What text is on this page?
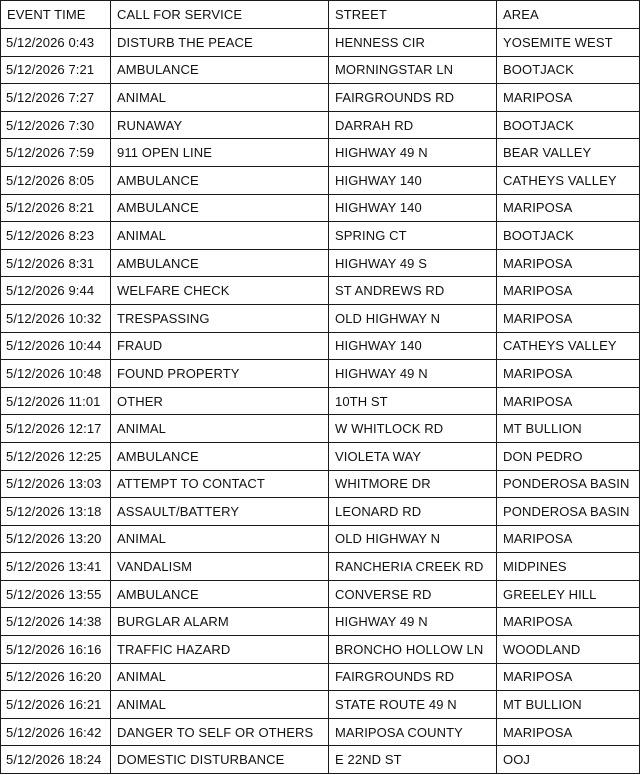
EVENT TIME	CALL FOR SERVICE	STREET	AREA
5/12/2026 0:43	DISTURB THE PEACE	HENNESS CIR	YOSEMITE WEST
5/12/2026 7:21	AMBULANCE	MORNINGSTAR LN	BOOTJACK
5/12/2026 7:27	ANIMAL	FAIRGROUNDS RD	MARIPOSA
5/12/2026 7:30	RUNAWAY	DARRAH RD	BOOTJACK
5/12/2026 7:59	911 OPEN LINE	HIGHWAY 49 N	BEAR VALLEY
5/12/2026 8:05	AMBULANCE	HIGHWAY 140	CATHEYS VALLEY
5/12/2026 8:21	AMBULANCE	HIGHWAY 140	MARIPOSA
5/12/2026 8:23	ANIMAL	SPRING CT	BOOTJACK
5/12/2026 8:31	AMBULANCE	HIGHWAY 49 S	MARIPOSA
5/12/2026 9:44	WELFARE CHECK	ST ANDREWS RD	MARIPOSA
5/12/2026 10:32	TRESPASSING	OLD HIGHWAY N	MARIPOSA
5/12/2026 10:44	FRAUD	HIGHWAY 140	CATHEYS VALLEY
5/12/2026 10:48	FOUND PROPERTY	HIGHWAY 49 N	MARIPOSA
5/12/2026 11:01	OTHER	10TH ST	MARIPOSA
5/12/2026 12:17	ANIMAL	W WHITLOCK RD	MT BULLION
5/12/2026 12:25	AMBULANCE	VIOLETA WAY	DON PEDRO
5/12/2026 13:03	ATTEMPT TO CONTACT	WHITMORE DR	PONDEROSA BASIN
5/12/2026 13:18	ASSAULT/BATTERY	LEONARD RD	PONDEROSA BASIN
5/12/2026 13:20	ANIMAL	OLD HIGHWAY N	MARIPOSA
5/12/2026 13:41	VANDALISM	RANCHERIA CREEK RD	MIDPINES
5/12/2026 13:55	AMBULANCE	CONVERSE RD	GREELEY HILL
5/12/2026 14:38	BURGLAR ALARM	HIGHWAY 49 N	MARIPOSA
5/12/2026 16:16	TRAFFIC HAZARD	BRONCHO HOLLOW LN	WOODLAND
5/12/2026 16:20	ANIMAL	FAIRGROUNDS RD	MARIPOSA
5/12/2026 16:21	ANIMAL	STATE ROUTE 49 N	MT BULLION
5/12/2026 16:42	DANGER TO SELF OR OTHERS	MARIPOSA COUNTY	MARIPOSA
5/12/2026 18:24	DOMESTIC DISTURBANCE	E 22ND ST	OOJ
